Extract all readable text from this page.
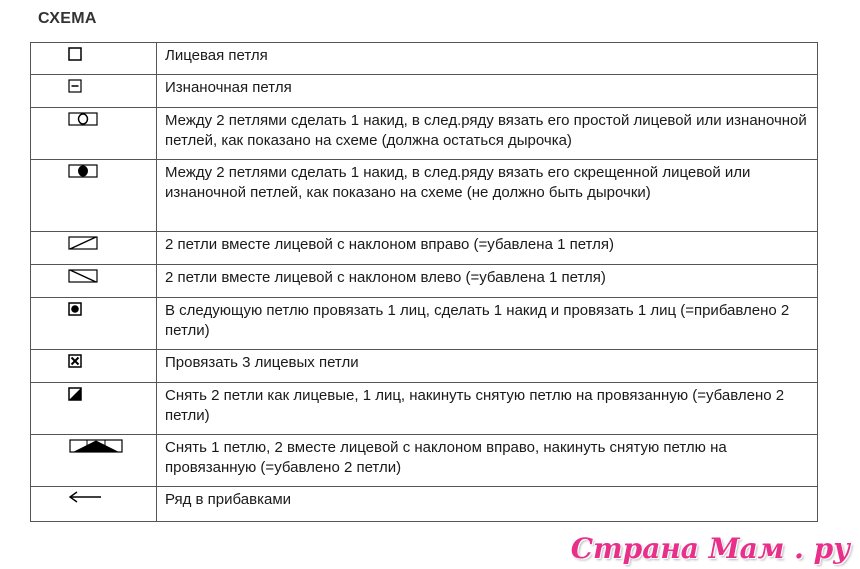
СХЕМА
	Лицевая петля

	Изнаночная петля

	Между 2 петлями сделать 1 накид, в след.ряду вязать его простой лицевой или изнаночной петлей, как показано на схеме (должна остаться дырочка)

	Между 2 петлями сделать 1 накид, в след.ряду вязать его скрещенной лицевой или изнаночной петлей, как показано на схеме (не должно быть дырочки)

	2 петли вместе лицевой с наклоном вправо (=убавлена 1 петля)

	2 петли вместе лицевой с наклоном влево (=убавлена 1 петля)

	В следующую петлю провязать 1 лиц, сделать 1 накид и провязать 1 лиц (=прибавлено 2 петли)

	Провязать 3 лицевых петли

	Снять 2 петли как лицевые, 1 лиц, накинуть снятую петлю на провязанную (=убавлено 2 петли)

	Снять 1 петлю, 2 вместе лицевой с наклоном вправо, накинуть снятую петлю на провязанную (=убавлено 2 петли)

	Ряд в прибавками
Страна Мам . ру
